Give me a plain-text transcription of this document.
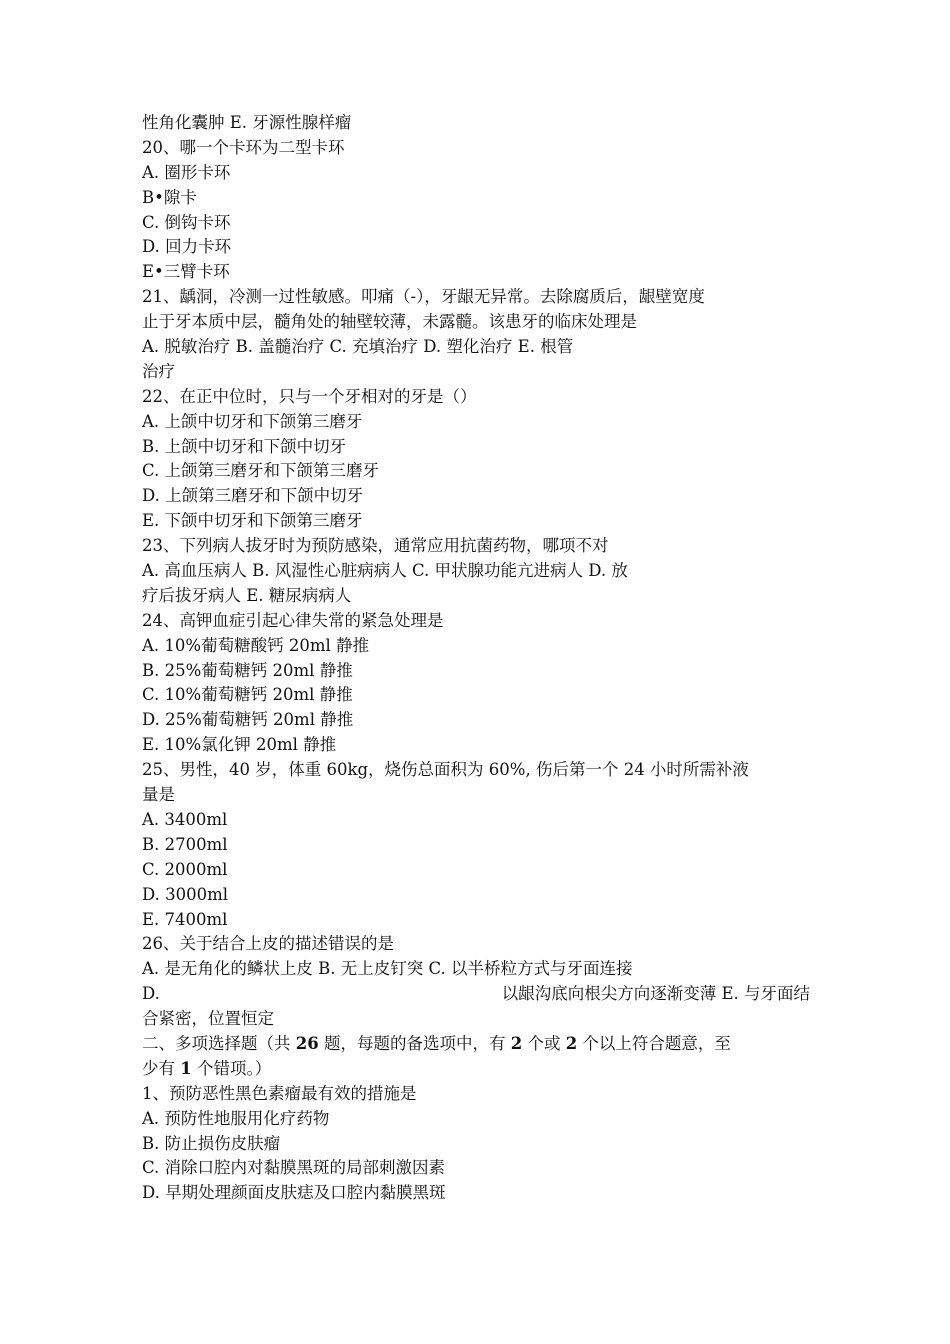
性角化囊肿 E. 牙源性腺样瘤
20、哪一个卡环为二型卡环
A. 圈形卡环
B•隙卡
C. 倒钩卡环
D. 回力卡环
E•三臂卡环
21、龋洞，冷测一过性敏感。叩痛（-），牙龈无异常。去除腐质后，龈壁宽度
止于牙本质中层，髓角处的轴壁较薄，未露髓。该患牙的临床处理是
A. 脱敏治疗 B. 盖髓治疗 C. 充填治疗 D. 塑化治疗 E. 根管
治疗
22、在正中位时，只与一个牙相对的牙是（）
A. 上颌中切牙和下颌第三磨牙
B. 上颌中切牙和下颌中切牙
C. 上颌第三磨牙和下颌第三磨牙
D. 上颌第三磨牙和下颌中切牙
E. 下颌中切牙和下颌第三磨牙
23、下列病人拔牙时为预防感染，通常应用抗菌药物，哪项不对
A. 高血压病人 B. 风湿性心脏病病人 C. 甲状腺功能亢进病人 D. 放
疗后拔牙病人 E. 糖尿病病人
24、高钾血症引起心律失常的紧急处理是
A. 10%葡萄糖酸钙 20ml 静推
B. 25%葡萄糖钙 20ml 静推
C. 10%葡萄糖钙 20ml 静推
D. 25%葡萄糖钙 20ml 静推
E. 10%氯化钾 20ml 静推
25、男性，40 岁，体重 60kg，烧伤总面积为 60%, 伤后第一个 24 小时所需补液
量是
A. 3400ml
B. 2700ml
C. 2000ml
D. 3000ml
E. 7400ml
26、关于结合上皮的描述错误的是
A. 是无角化的鳞状上皮 B. 无上皮钉突 C. 以半桥粒方式与牙面连接
D.	以龈沟底向根尖方向逐渐变薄 E. 与牙面结
合紧密，位置恒定
二、多项选择题（共 26 题，每题的备选项中，有 2 个或 2 个以上符合题意，至
少有 1 个错项。）
1、预防恶性黑色素瘤最有效的措施是
A. 预防性地服用化疗药物
B. 防止损伤皮肤瘤
C. 消除口腔内对黏膜黑斑的局部刺激因素
D. 早期处理颜面皮肤痣及口腔内黏膜黑斑
